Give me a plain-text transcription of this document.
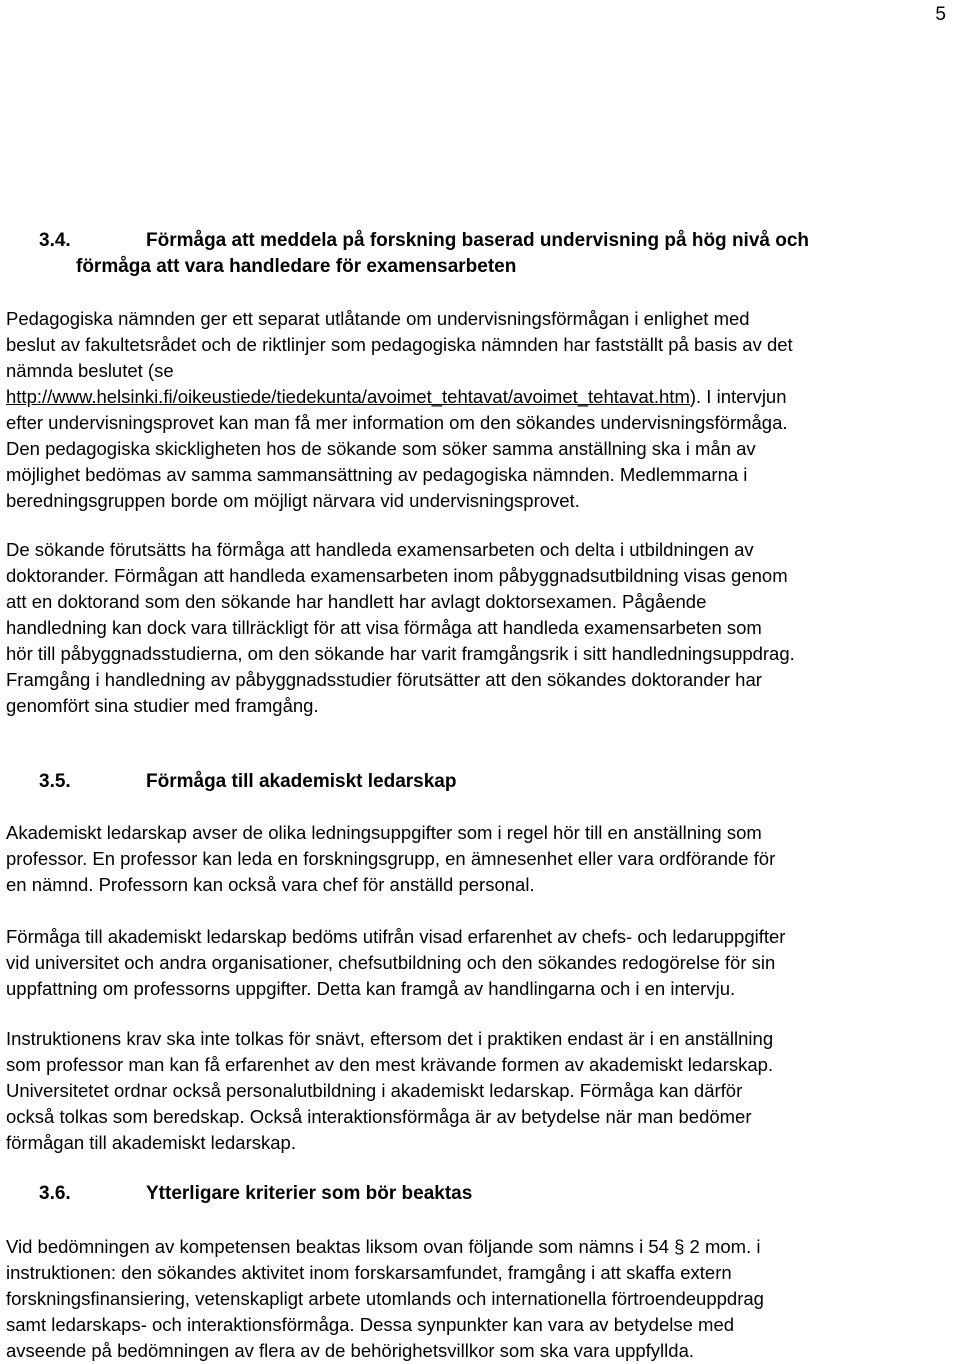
5
3.4.	Förmåga att meddela på forskning baserad undervisning på hög nivå och
förmåga att vara handledare för examensarbeten
Pedagogiska nämnden ger ett separat utlåtande om undervisningsförmågan i enlighet med
beslut av fakultetsrådet och de riktlinjer som pedagogiska nämnden har fastställt på basis av det
nämnda beslutet (se
http://www.helsinki.fi/oikeustiede/tiedekunta/avoimet_tehtavat/avoimet_tehtavat.htm). I intervjun
efter undervisningsprovet kan man få mer information om den sökandes undervisningsförmåga.
Den pedagogiska skickligheten hos de sökande som söker samma anställning ska i mån av
möjlighet bedömas av samma sammansättning av pedagogiska nämnden. Medlemmarna i
beredningsgruppen borde om möjligt närvara vid undervisningsprovet.
De sökande förutsätts ha förmåga att handleda examensarbeten och delta i utbildningen av
doktorander. Förmågan att handleda examensarbeten inom påbyggnadsutbildning visas genom
att en doktorand som den sökande har handlett har avlagt doktorsexamen. Pågående
handledning kan dock vara tillräckligt för att visa förmåga att handleda examensarbeten som
hör till påbyggnadsstudierna, om den sökande har varit framgångsrik i sitt handledningsuppdrag.
Framgång i handledning av påbyggnadsstudier förutsätter att den sökandes doktorander har
genomfört sina studier med framgång.
3.5.	Förmåga till akademiskt ledarskap
Akademiskt ledarskap avser de olika ledningsuppgifter som i regel hör till en anställning som
professor. En professor kan leda en forskningsgrupp, en ämnesenhet eller vara ordförande för
en nämnd. Professorn kan också vara chef för anställd personal.
Förmåga till akademiskt ledarskap bedöms utifrån visad erfarenhet av chefs- och ledaruppgifter
vid universitet och andra organisationer, chefsutbildning och den sökandes redogörelse för sin
uppfattning om professorns uppgifter. Detta kan framgå av handlingarna och i en intervju.
Instruktionens krav ska inte tolkas för snävt, eftersom det i praktiken endast är i en anställning
som professor man kan få erfarenhet av den mest krävande formen av akademiskt ledarskap.
Universitetet ordnar också personalutbildning i akademiskt ledarskap. Förmåga kan därför
också tolkas som beredskap. Också interaktionsförmåga är av betydelse när man bedömer
förmågan till akademiskt ledarskap.
3.6.	Ytterligare kriterier som bör beaktas
Vid bedömningen av kompetensen beaktas liksom ovan följande som nämns i 54 § 2 mom. i
instruktionen: den sökandes aktivitet inom forskarsamfundet, framgång i att skaffa extern
forskningsfinansiering, vetenskapligt arbete utomlands och internationella förtroendeuppdrag
samt ledarskaps- och interaktionsförmåga. Dessa synpunkter kan vara av betydelse med
avseende på bedömningen av flera av de behörighetsvillkor som ska vara uppfyllda.
